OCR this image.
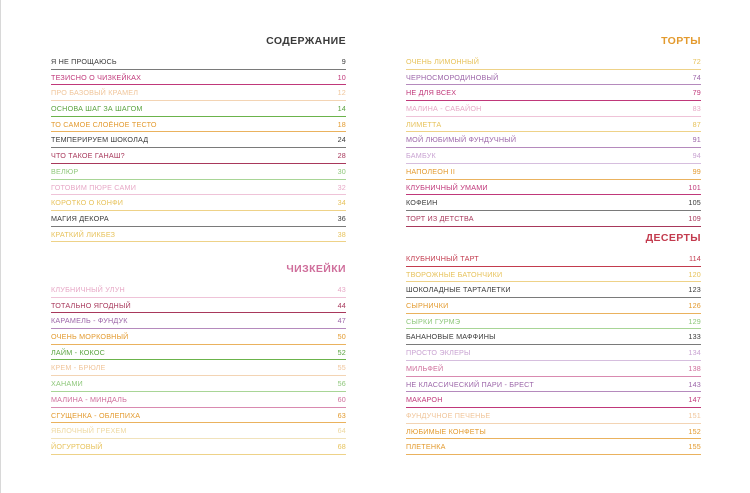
СОДЕРЖАНИЕ
Я НЕ ПРОЩАЮСЬ	9
ТЕЗИСНО О ЧИЗКЕЙКАХ	10
ПРО БАЗОВЫЙ КРАМЕЛ	12
ОСНОВА ШАГ ЗА ШАГОМ	14
ТО САМОЕ СЛОЁНОЕ ТЕСТО	18
ТЕМПЕРИРУЕМ ШОКОЛАД	24
ЧТО ТАКОЕ ГАНАШ?	28
ВЕЛЮР	30
ГОТОВИМ ПЮРЕ САМИ	32
КОРОТКО О КОНФИ	34
МАГИЯ ДЕКОРА	36
КРАТКИЙ ЛИКБЕЗ	38
ЧИЗКЕЙКИ
КЛУБНИЧНЫЙ УЛУН	43
ТОТАЛЬНО ЯГОДНЫЙ	44
КАРАМЕЛЬ - ФУНДУК	47
ОЧЕНЬ МОРКОВНЫЙ	50
ЛАЙМ - КОКОС	52
КРЕМ - БРЮЛЕ	55
ХАНАМИ	56
МАЛИНА - МИНДАЛЬ	60
СГУЩЕНКА - ОБЛЕПИХА	63
ЯБЛОЧНЫЙ ГРЕХЕМ	64
ЙОГУРТОВЫЙ	68
ТОРТЫ
ОЧЕНЬ ЛИМОННЫЙ	72
ЧЕРНОСМОРОДИНОВЫЙ	74
НЕ ДЛЯ ВСЕХ	79
МАЛИНА - САБАЙОН	83
ЛИМЕТТА	87
МОЙ ЛЮБИМЫЙ ФУНДУЧНЫЙ	91
БАМБУК	94
НАПОЛЕОН II	99
КЛУБНИЧНЫЙ УМАМИ	101
КОФЕИН	105
ТОРТ ИЗ ДЕТСТВА	109
ДЕСЕРТЫ
КЛУБНИЧНЫЙ ТАРТ	114
ТВОРОЖНЫЕ БАТОНЧИКИ	120
ШОКОЛАДНЫЕ ТАРТАЛЕТКИ	123
СЫРНИЧКИ	126
СЫРКИ ГУРМЭ	129
БАНАНОВЫЕ МАФФИНЫ	133
ПРОСТО ЭКЛЕРЫ	134
МИЛЬФЕЙ	138
НЕ КЛАССИЧЕСКИЙ ПАРИ - БРЕСТ	143
МАКАРОН	147
ФУНДУЧНОЕ ПЕЧЕНЬЕ	151
ЛЮБИМЫЕ КОНФЕТЫ	152
ПЛЕТЕНКА	155
